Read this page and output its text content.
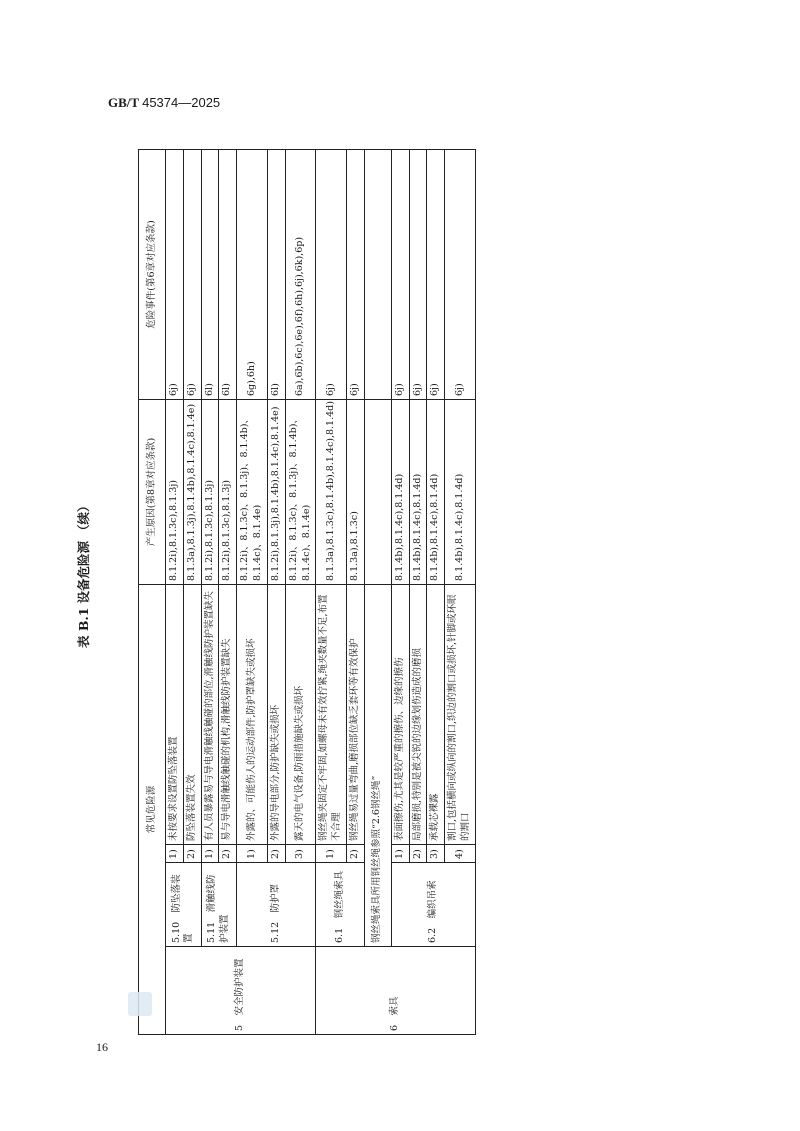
GB/T 45374—2025
表 B.1设备危险源（续）
常见危险源				产生原因(第8章对应条款)	危险事件(第6章对应条款)
5　安全防护装置	5.10　防坠落装置	1)	未按要求设置防坠落装置	8.1.2i),8.1.3c),8.1.3j)	6j)
		2)	防坠落装置失效	8.1.3a),8.1.3j),8.1.4b),8.1.4c),8.1.4e)	6j)
	5.11　滑触线防护装置	1)	有人员暴露易与导电滑触线触碰的部位,滑触线防护装置缺失	8.1.2i),8.1.3c),8.1.3j)	6l)
		2)	易与导电滑触线触碰的机构,滑触线防护装置缺失	8.1.2i),8.1.3c),8.1.3j)	6l)
	5.12　防护罩	1)	外露的、可能伤人的运动部件,防护罩缺失或损坏	8.1.2i)、8.1.3c)、8.1.3j)、8.1.4b)、8.1.4c)、8.1.4e)	6g),6h)
		2)	外露的导电部分,防护缺失或损坏	8.1.2i),8.1.3j),8.1.4b),8.1.4c),8.1.4e)	6l)
		3)	露天的电气设备,防雨措施缺失或损坏	8.1.2i)、8.1.3c)、8.1.3j)、8.1.4b)、8.1.4c)、8.1.4e)	6a),6b),6c),6e),6f),6h),6j),6k),6p)
6　索具	6.1　钢丝绳索具	1)	钢丝绳夹固定不牢固,如螺母未有效拧紧,绳夹数量不足,布置不合理	8.1.3a),8.1.3c),8.1.4b),8.1.4c),8.1.4d)	6j)
		2)	钢丝绳易过量弯曲,磨损部位缺乏套环等有效保护	8.1.3a),8.1.3c)	6j)
	钢丝绳索具所用钢丝绳参照“2.6钢丝绳”				
	6.2　编织吊索	1)	表面擦伤,尤其是较严重的擦伤、边缘的擦伤	8.1.4b),8.1.4c),8.1.4d)	6j)
		2)	局部磨损,特别是被尖锐的边缘划伤造成的磨损	8.1.4b),8.1.4c),8.1.4d)	6j)
		3)	承载芯裸露	8.1.4b),8.1.4c),8.1.4d)	6j)
		4)	割口,包括横向或纵向的割口,织边的割口或损坏,针脚或环眼的割口	8.1.4b),8.1.4c),8.1.4d)	6j)
16
